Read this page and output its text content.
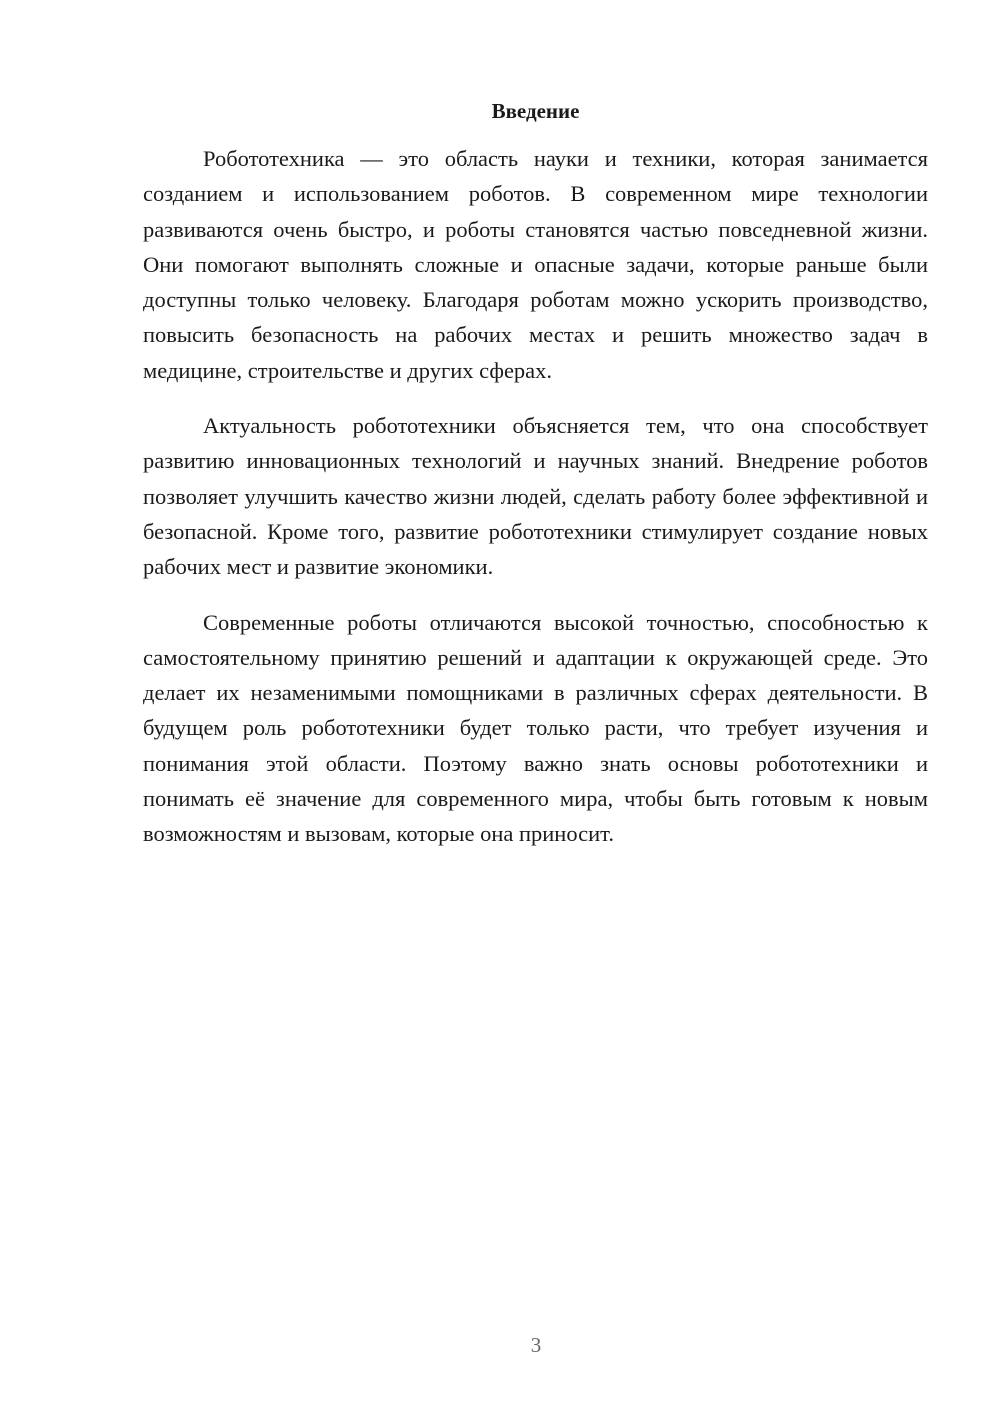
Введение

Робототехника — это область науки и техники, которая занимается созданием и использованием роботов. В современном мире технологии развиваются очень быстро, и роботы становятся частью повседневной жизни. Они помогают выполнять сложные и опасные задачи, которые раньше были доступны только человеку. Благодаря роботам можно ускорить производство, повысить безопасность на рабочих местах и решить множество задач в медицине, строительстве и других сферах.

Актуальность робототехники объясняется тем, что она способствует развитию инновационных технологий и научных знаний. Внедрение роботов позволяет улучшить качество жизни людей, сделать работу более эффективной и безопасной. Кроме того, развитие робототехники стимулирует создание новых рабочих мест и развитие экономики.

Современные роботы отличаются высокой точностью, способностью к самостоятельному принятию решений и адаптации к окружающей среде. Это делает их незаменимыми помощниками в различных сферах деятельности. В будущем роль робототехники будет только расти, что требует изучения и понимания этой области. Поэтому важно знать основы робототехники и понимать её значение для современного мира, чтобы быть готовым к новым возможностям и вызовам, которые она приносит.

3
